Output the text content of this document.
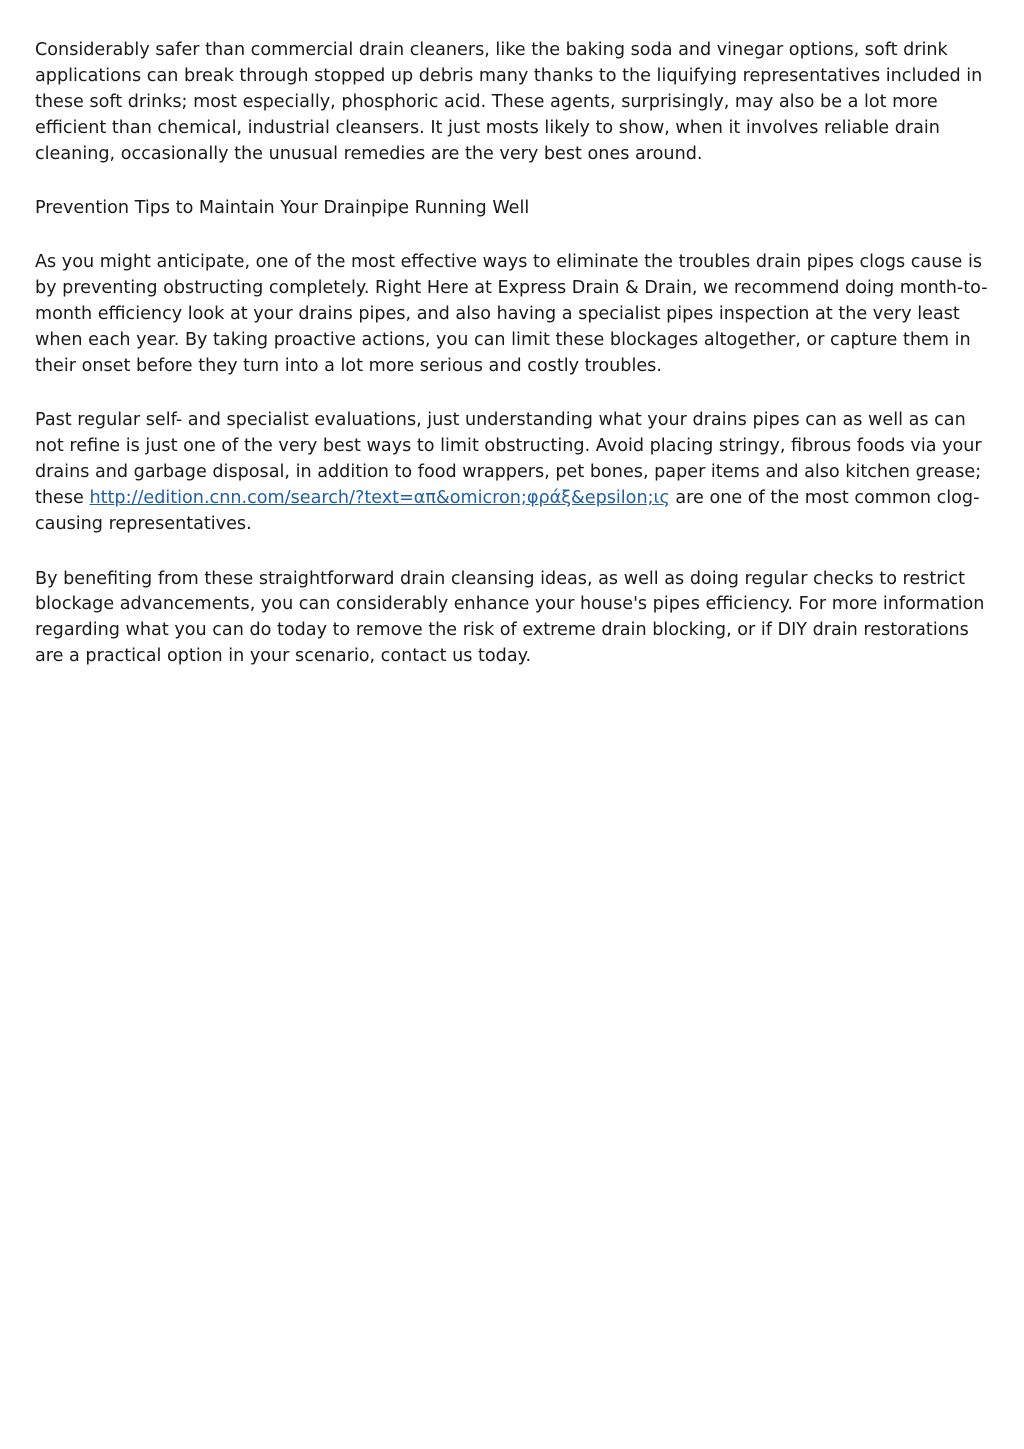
Considerably safer than commercial drain cleaners, like the baking soda and vinegar options, soft drink applications can break through stopped up debris many thanks to the liquifying representatives included in these soft drinks; most especially, phosphoric acid. These agents, surprisingly, may also be a lot more efficient than chemical, industrial cleansers. It just mosts likely to show, when it involves reliable drain cleaning, occasionally the unusual remedies are the very best ones around.

Prevention Tips to Maintain Your Drainpipe Running Well

As you might anticipate, one of the most effective ways to eliminate the troubles drain pipes clogs cause is by preventing obstructing completely. Right Here at Express Drain & Drain, we recommend doing month-to-month efficiency look at your drains pipes, and also having a specialist pipes inspection at the very least when each year. By taking proactive actions, you can limit these blockages altogether, or capture them in their onset before they turn into a lot more serious and costly troubles.

Past regular self- and specialist evaluations, just understanding what your drains pipes can as well as can not refine is just one of the very best ways to limit obstructing. Avoid placing stringy, fibrous foods via your drains and garbage disposal, in addition to food wrappers, pet bones, paper items and also kitchen grease; these http://edition.cnn.com/search/?text=απ&omicron;φράξ&epsilon;ις are one of the most common clog-causing representatives.

By benefiting from these straightforward drain cleansing ideas, as well as doing regular checks to restrict blockage advancements, you can considerably enhance your house's pipes efficiency. For more information regarding what you can do today to remove the risk of extreme drain blocking, or if DIY drain restorations are a practical option in your scenario, contact us today.
